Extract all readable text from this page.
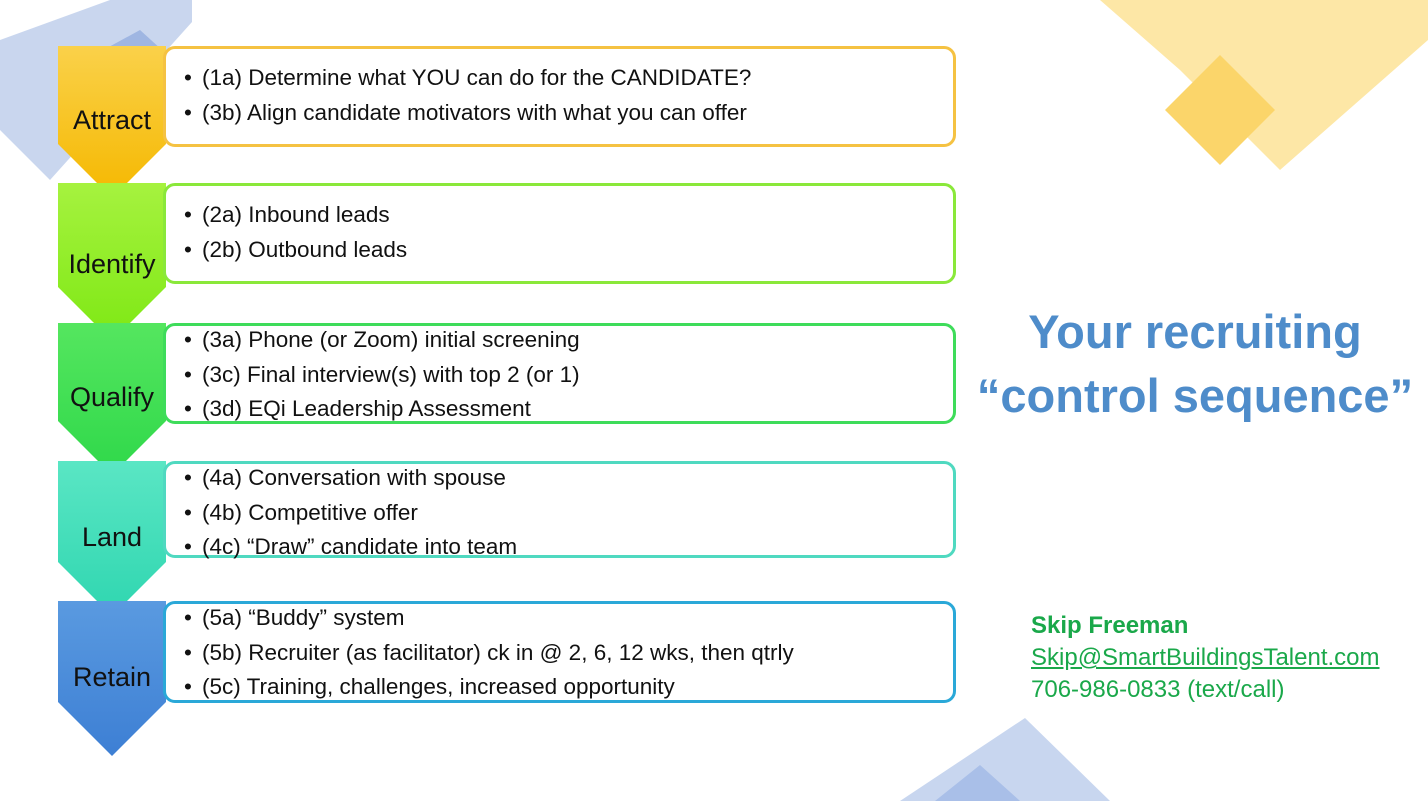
Attract
• (1a) Determine what YOU can do for the CANDIDATE?
• (3b) Align candidate motivators with what you can offer
Identify
• (2a) Inbound leads
• (2b) Outbound leads
Qualify
• (3a) Phone (or Zoom) initial screening
• (3c) Final interview(s) with top 2 (or 1)
• (3d) EQi Leadership Assessment
Land
• (4a) Conversation with spouse
• (4b) Competitive offer
• (4c) “Draw” candidate into team
Retain
• (5a) “Buddy” system
• (5b) Recruiter (as facilitator) ck in @ 2, 6, 12 wks, then qtrly
• (5c) Training, challenges, increased opportunity
Your recruiting
“control sequence”
Skip Freeman
Skip@SmartBuildingsTalent.com
706-986-0833 (text/call)
